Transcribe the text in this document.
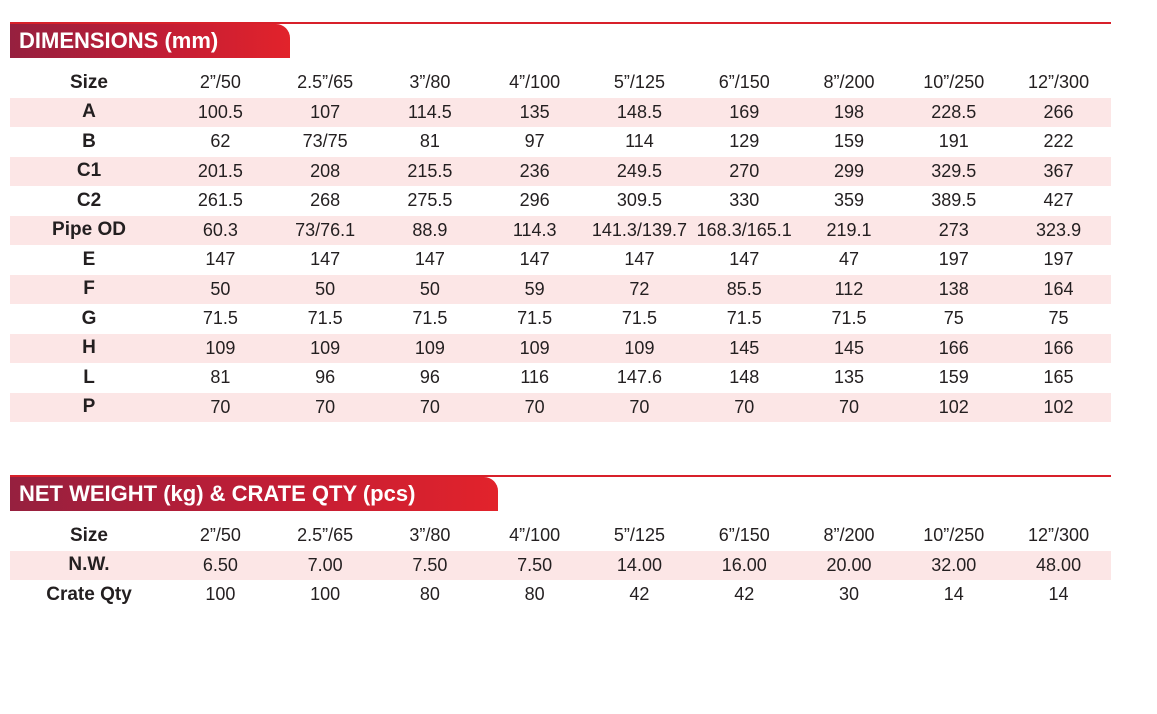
DIMENSIONS (mm)
Size	2”/50	2.5”/65	3”/80	4”/100	5”/125	6”/150	8”/200	10”/250	12”/300
A	100.5	107	114.5	135	148.5	169	198	228.5	266
B	62	73/75	81	97	114	129	159	191	222
C1	201.5	208	215.5	236	249.5	270	299	329.5	367
C2	261.5	268	275.5	296	309.5	330	359	389.5	427
Pipe OD	60.3	73/76.1	88.9	114.3	141.3/139.7	168.3/165.1	219.1	273	323.9
E	147	147	147	147	147	147	47	197	197
F	50	50	50	59	72	85.5	112	138	164
G	71.5	71.5	71.5	71.5	71.5	71.5	71.5	75	75
H	109	109	109	109	109	145	145	166	166
L	81	96	96	116	147.6	148	135	159	165
P	70	70	70	70	70	70	70	102	102
NET WEIGHT (kg) & CRATE QTY (pcs)
Size	2”/50	2.5”/65	3”/80	4”/100	5”/125	6”/150	8”/200	10”/250	12”/300
N.W.	6.50	7.00	7.50	7.50	14.00	16.00	20.00	32.00	48.00
Crate Qty	100	100	80	80	42	42	30	14	14
